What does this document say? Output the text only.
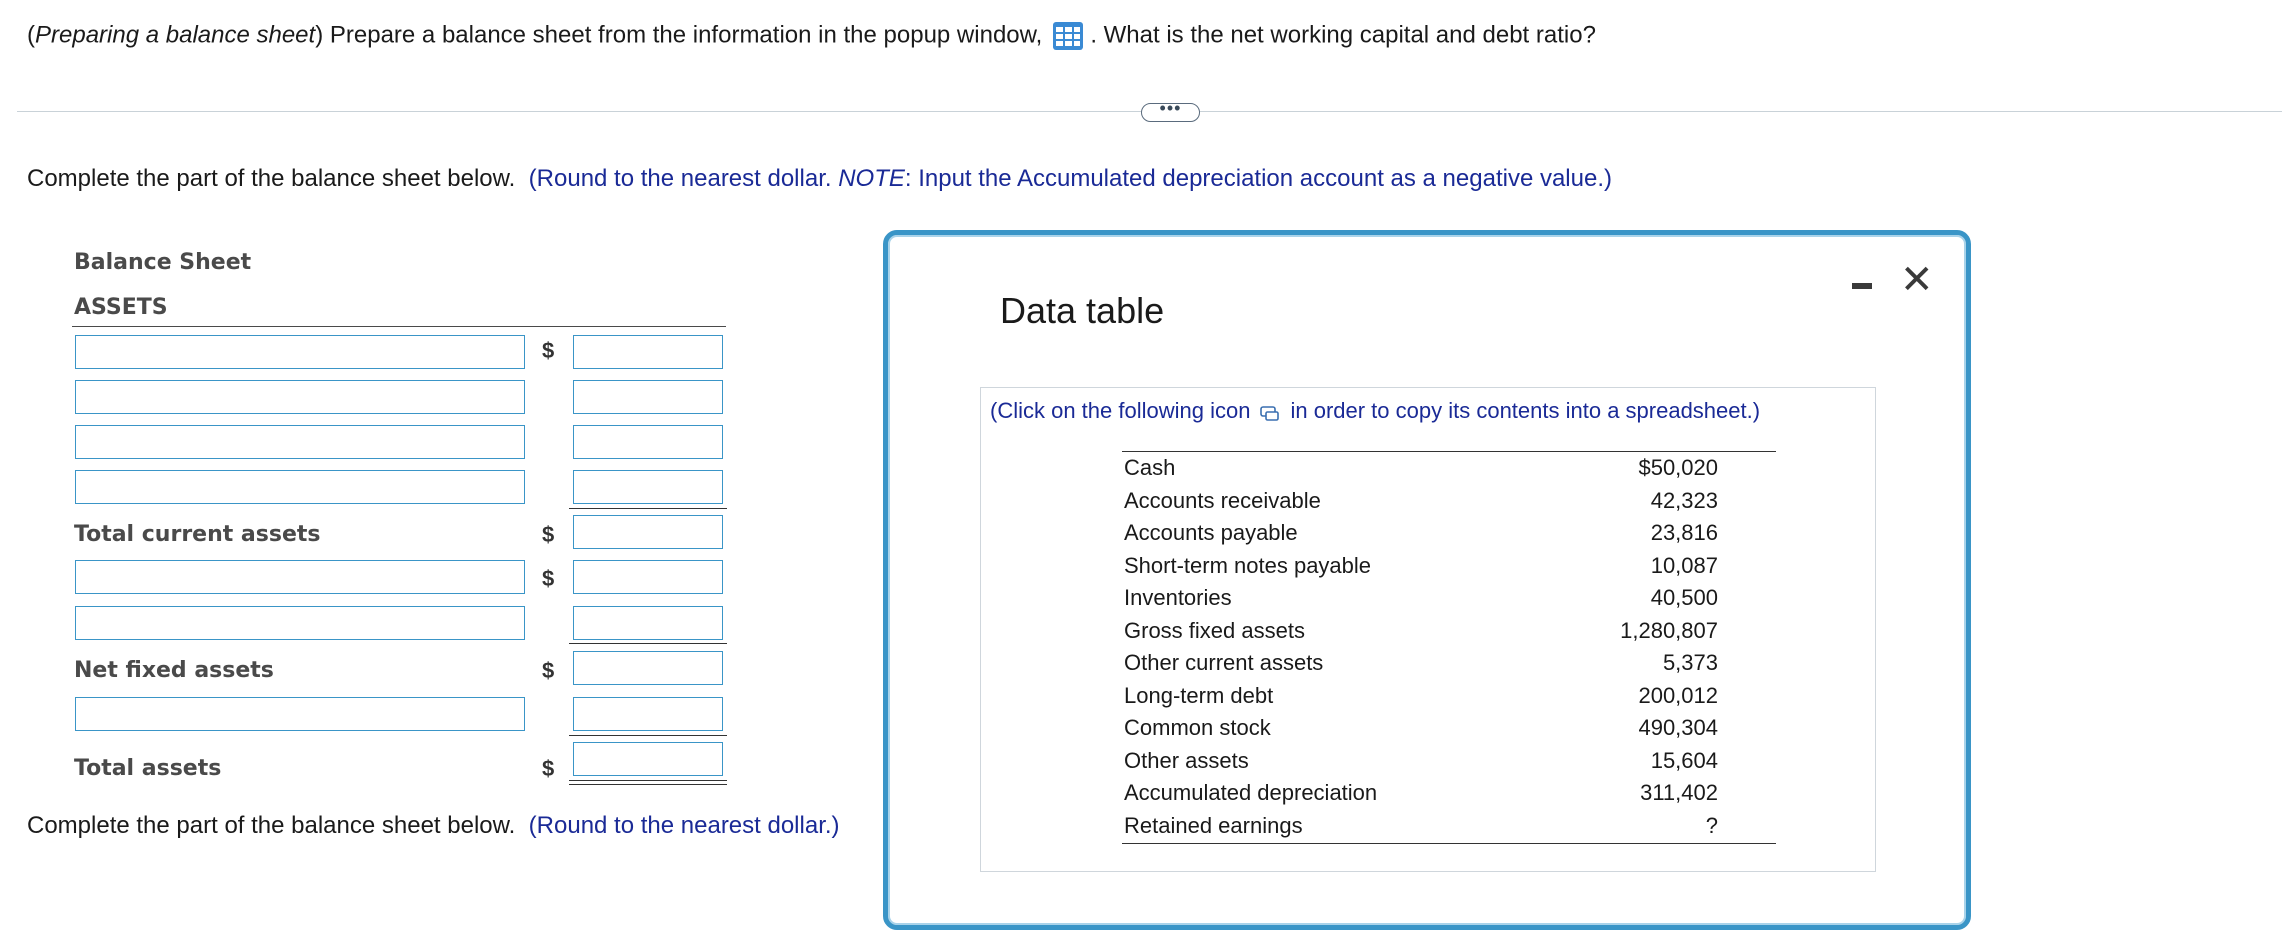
(Preparing a balance sheet) Prepare a balance sheet from the information in the popup window, . What is the net working capital and debt ratio?
•••
Complete the part of the balance sheet below. (Round to the nearest dollar. NOTE: Input the Accumulated depreciation account as a negative value.)
Balance Sheet
ASSETS
$
Total current assets	$
$
Net fixed assets	$
Total assets	$
Complete the part of the balance sheet below. (Round to the nearest dollar.)
Data table
✕
(Click on the following icon in order to copy its contents into a spreadsheet.)
Cash	$50,020
Accounts receivable	42,323
Accounts payable	23,816
Short-term notes payable	10,087
Inventories	40,500
Gross fixed assets	1,280,807
Other current assets	5,373
Long-term debt	200,012
Common stock	490,304
Other assets	15,604
Accumulated depreciation	311,402
Retained earnings	?
